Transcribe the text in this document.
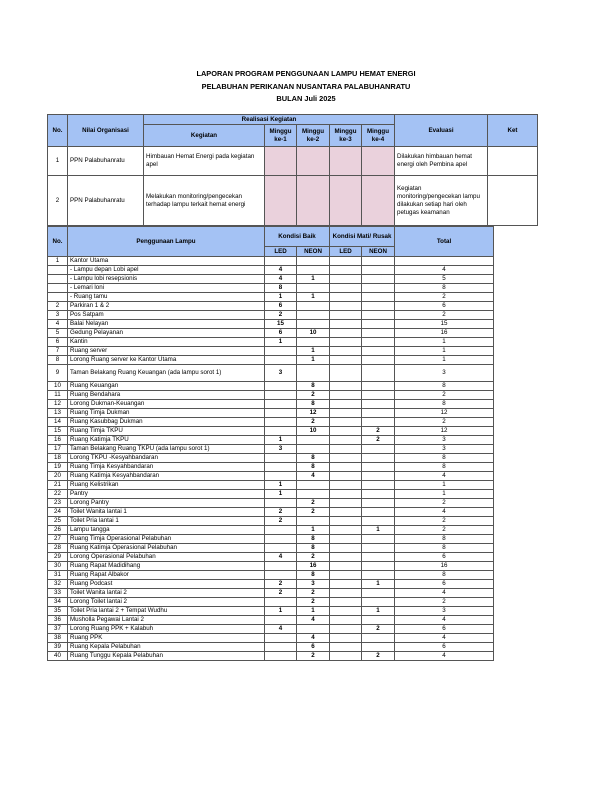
LAPORAN PROGRAM PENGGUNAAN LAMPU HEMAT ENERGI
PELABUHAN PERIKANAN NUSANTARA PALABUHANRATU
BULAN Juli 2025
No.	Nilai Organisasi	Realisasi Kegiatan					Evaluasi	Ket
		Kegiatan	Minggu ke-1	Minggu ke-2	Minggu ke-3	Minggu ke-4		
1	PPN Palabuhanratu	Himbauan Hemat Energi pada kegiatan apel					Dilakukan himbauan hemat energi oleh Pembina apel	
2	PPN Palabuhanratu	Melakukan monitoring/pengecekan terhadap lampu terkait hemat energi					Kegiatan monitoring/pengecekan lampu dilakukan setiap hari oleh petugas keamanan	
No.	Penggunaan Lampu	Kondisi Baik		Kondisi Mati/ Rusak		Total
		LED	NEON	LED	NEON	
1	Kantor Utama					
	- Lampu depan Lobi apel	4				4
	- Lampu lobi resepsionis	4	1			5
	- Lemari loni	8				8
	- Ruang tamu	1	1			2
2	Parkiran 1 & 2	6				6
3	Pos Satpam	2				2
4	Balai Nelayan	15				15
5	Gedung Pelayanan	6	10			16
6	Kantin	1				1
7	Ruang server		1			1
8	Lorong Ruang server ke Kantor Utama		1			1
9	Taman Belakang Ruang Keuangan (ada lampu sorot 1)	3				3
10	Ruang Keuangan		8			8
11	Ruang Bendahara		2			2
12	Lorong Dukman-Keuangan		8			8
13	Ruang Timja Dukman		12			12
14	Ruang Kasubbag Dukman		2			2
15	Ruang Timja TKPU		10		2	12
16	Ruang Katimja TKPU	1			2	3
17	Taman Belakang Ruang TKPU (ada lampu sorot 1)	3				3
18	Lorong TKPU -Kesyahbandaran		8			8
19	Ruang Timja Kesyahbandaran		8			8
20	Ruang Katimja Kesyahbandaran		4			4
21	Ruang Kelistrikan	1				1
22	Pantry	1				1
23	Lorong Pantry		2			2
24	Toilet Wanita lantai 1	2	2			4
25	Toilet Pria lantai 1	2				2
26	Lampu tangga		1		1	2
27	Ruang Timja Operasional Pelabuhan		8			8
28	Ruang Katimja Operasional Pelabuhan		8			8
29	Lorong Operasional Pelabuhan	4	2			6
30	Ruang Rapat Madidihang		16			16
31	Ruang Rapat Albakor		8			8
32	Ruang Podcast	2	3		1	6
33	Toilet Wanita lantai 2	2	2			4
34	Lorong Toilet lantai 2		2			2
35	Toilet Pria lantai 2 + Tempat Wudhu	1	1		1	3
36	Musholla Pegawai Lantai 2		4			4
37	Lorong Ruang PPK + Kalabuh	4			2	6
38	Ruang PPK		4			4
39	Ruang Kepala Pelabuhan		6			6
40	Ruang Tunggu Kepala Pelabuhan		2		2	4
